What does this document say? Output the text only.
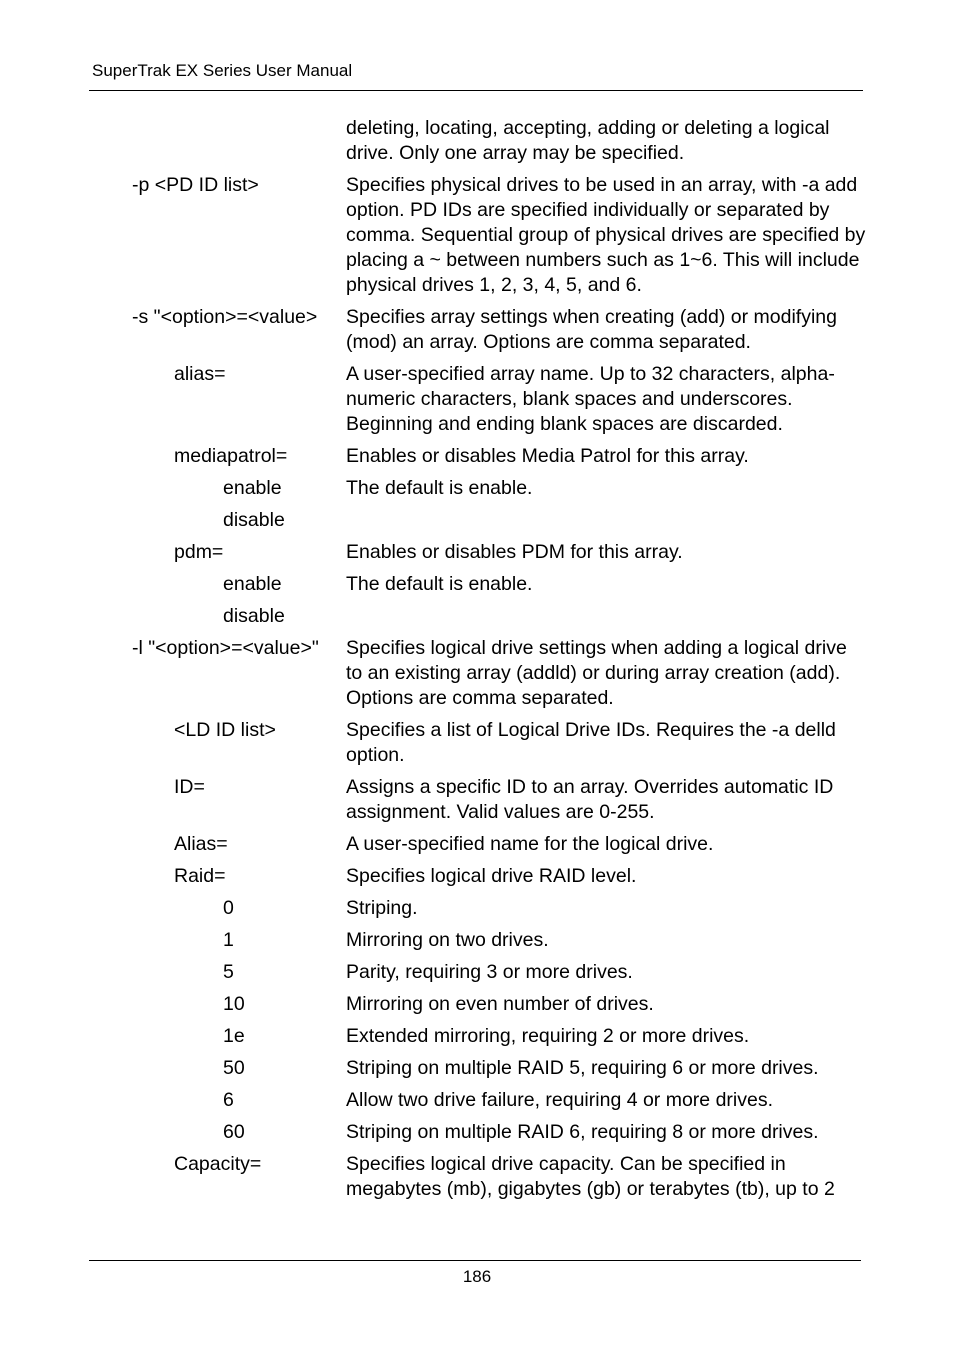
SuperTrak EX Series User Manual
deleting, locating, accepting, adding or deleting a logical drive. Only one array may be specified.
-p <PD ID list>	Specifies physical drives to be used in an array, with -a add option. PD IDs are specified individually or separated by comma. Sequential group of physical drives are specified by placing a ~ between numbers such as 1~6. This will include physical drives 1, 2, 3, 4, 5, and 6.
-s "<option>=<value>	Specifies array settings when creating (add) or modifying (mod) an array. Options are comma separated.
alias=	A user-specified array name. Up to 32 characters, alpha-numeric characters, blank spaces and underscores. Beginning and ending blank spaces are discarded.
mediapatrol=	Enables or disables Media Patrol for this array.
enable	The default is enable.
disable
pdm=	Enables or disables PDM for this array.
enable	The default is enable.
disable
-l "<option>=<value>"	Specifies logical drive settings when adding a logical drive to an existing array (addld) or during array creation (add). Options are comma separated.
<LD ID list>	Specifies a list of Logical Drive IDs. Requires the -a delld option.
ID=	Assigns a specific ID to an array. Overrides automatic ID assignment. Valid values are 0-255.
Alias=	A user-specified name for the logical drive.
Raid=	Specifies logical drive RAID level.
0	Striping.
1	Mirroring on two drives.
5	Parity, requiring 3 or more drives.
10	Mirroring on even number of drives.
1e	Extended mirroring, requiring 2 or more drives.
50	Striping on multiple RAID 5, requiring 6 or more drives.
6	Allow two drive failure, requiring 4 or more drives.
60	Striping on multiple RAID 6, requiring 8 or more drives.
Capacity=	Specifies logical drive capacity. Can be specified in megabytes (mb), gigabytes (gb) or terabytes (tb), up to 2
186
